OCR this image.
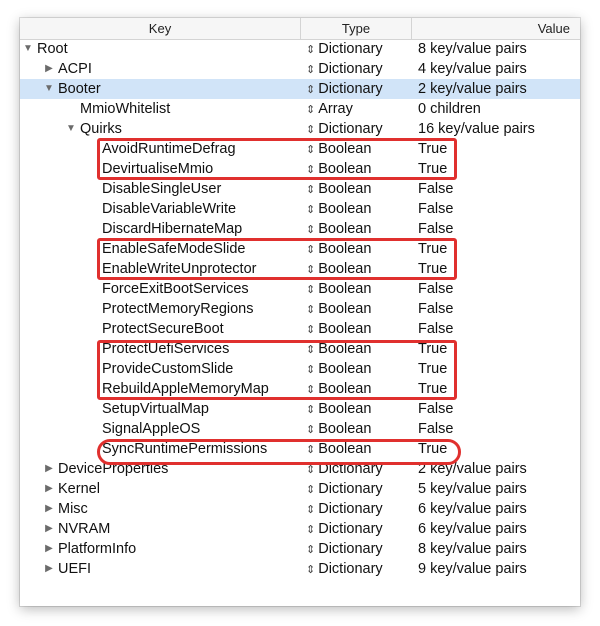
Key	Type	Value
▼ Root	⇕ Dictionary 8 key/value pairs
▶ ACPI	⇕ Dictionary 4 key/value pairs
▼ Booter	⇕ Dictionary 2 key/value pairs
MmioWhitelist	⇕ Array	0 children
▼ Quirks	⇕ Dictionary 16 key/value pairs
AvoidRuntimeDefrag	⇕ Boolean	True
DevirtualiseMmio	⇕ Boolean	True
DisableSingleUser	⇕ Boolean	False
DisableVariableWrite	⇕ Boolean	False
DiscardHibernateMap	⇕ Boolean	False
EnableSafeModeSlide	⇕ Boolean	True
EnableWriteUnprotector	⇕ Boolean	True
ForceExitBootServices	⇕ Boolean	False
ProtectMemoryRegions	⇕ Boolean	False
ProtectSecureBoot	⇕ Boolean	False
ProtectUefiServices	⇕ Boolean	True
ProvideCustomSlide	⇕ Boolean	True
RebuildAppleMemoryMap	⇕ Boolean	True
SetupVirtualMap	⇕ Boolean	False
SignalAppleOS	⇕ Boolean	False
SyncRuntimePermissions	⇕ Boolean	True
▶ DeviceProperties	⇕ Dictionary 2 key/value pairs
▶ Kernel	⇕ Dictionary 5 key/value pairs
▶ Misc	⇕ Dictionary 6 key/value pairs
▶ NVRAM	⇕ Dictionary 6 key/value pairs
▶ PlatformInfo	⇕ Dictionary 8 key/value pairs
▶ UEFI	⇕ Dictionary 9 key/value pairs
